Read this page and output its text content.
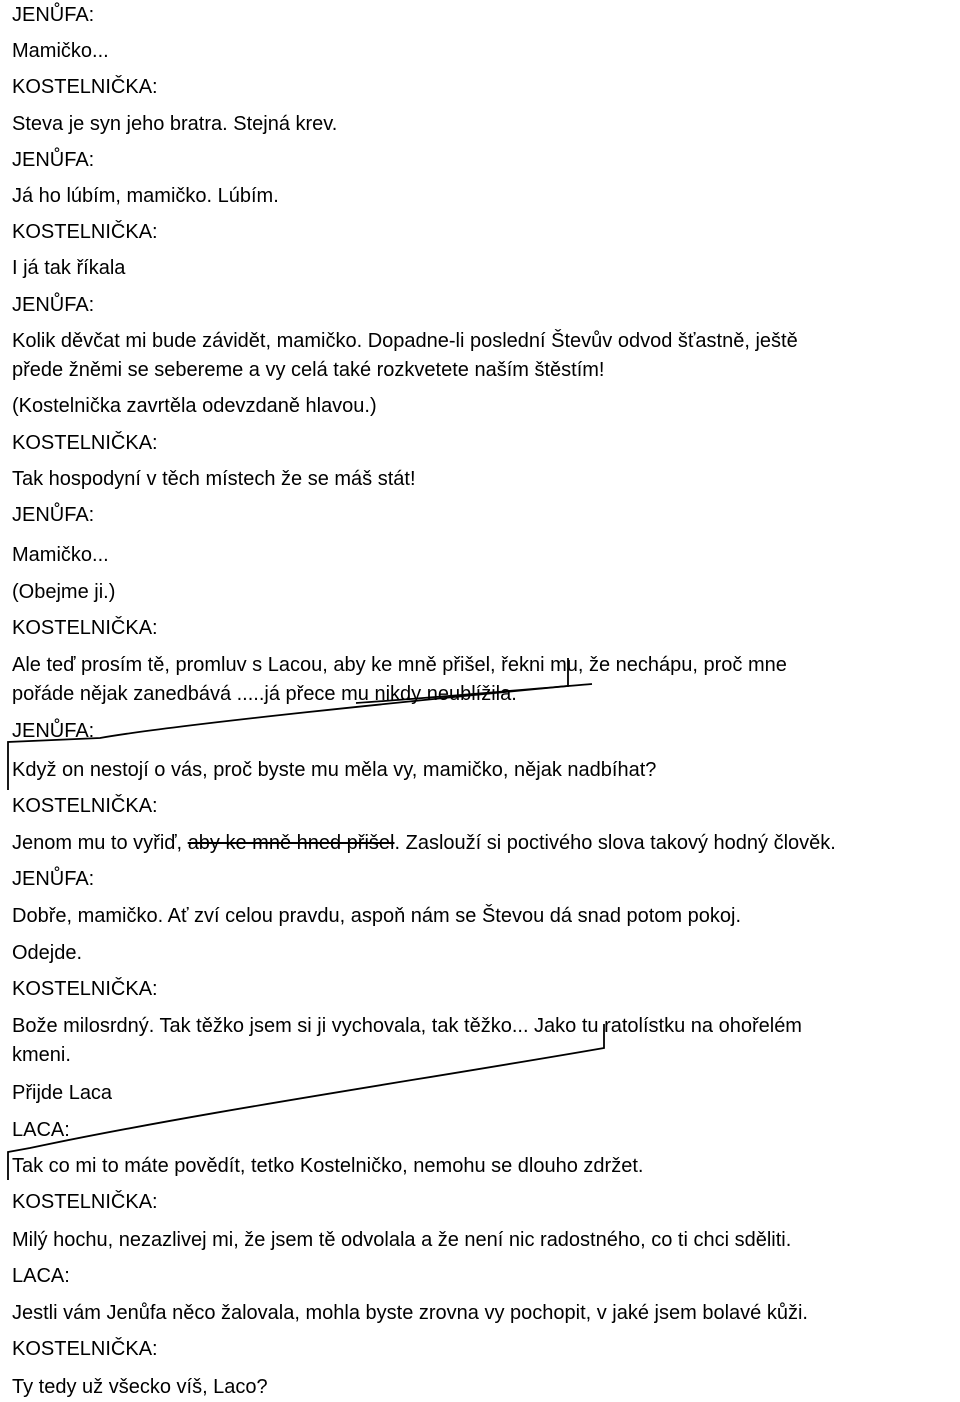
JENŮFA:
Mamičko...
KOSTELNIČKA:
Steva je syn jeho bratra. Stejná krev.
JENŮFA:
Já ho lúbím, mamičko. Lúbím.
KOSTELNIČKA:
I já tak říkala
JENŮFA:
Kolik děvčat mi bude závidět, mamičko. Dopadne-li poslední Števův odvod šťastně, ještě
přede žněmi se sebereme a vy celá také rozkvetete naším štěstím!
(Kostelnička zavrtěla odevzdaně hlavou.)
KOSTELNIČKA:
Tak hospodyní v těch místech že se máš stát!
JENŮFA:
Mamičko...
(Obejme ji.)
KOSTELNIČKA:
Ale teď prosím tě, promluv s Lacou, aby ke mně přišel, řekni mu, že nechápu, proč mne
pořáde nějak zanedbává .....já přece mu nikdy neublížila.
JENŮFA:
Když on nestojí o vás, proč byste mu měla vy, mamičko, nějak nadbíhat?
KOSTELNIČKA:
Jenom mu to vyřiď, aby ke mně hned přišel. Zaslouží si poctivého slova takový hodný člověk.
JENŮFA:
Dobře, mamičko. Ať zví celou pravdu, aspoň nám se Števou dá snad potom pokoj.
Odejde.
KOSTELNIČKA:
Bože milosrdný. Tak těžko jsem si ji vychovala, tak těžko... Jako tu ratolístku na ohořelém
kmeni.
Přijde Laca
LACA:
Tak co mi to máte povědít, tetko Kostelničko, nemohu se dlouho zdržet.
KOSTELNIČKA:
Milý hochu, nezazlivej mi, že jsem tě odvolala a že není nic radostného, co ti chci sděliti.
LACA:
Jestli vám Jenůfa něco žalovala, mohla byste zrovna vy pochopit, v jaké jsem bolavé kůži.
KOSTELNIČKA:
Ty tedy už všecko víš, Laco?
